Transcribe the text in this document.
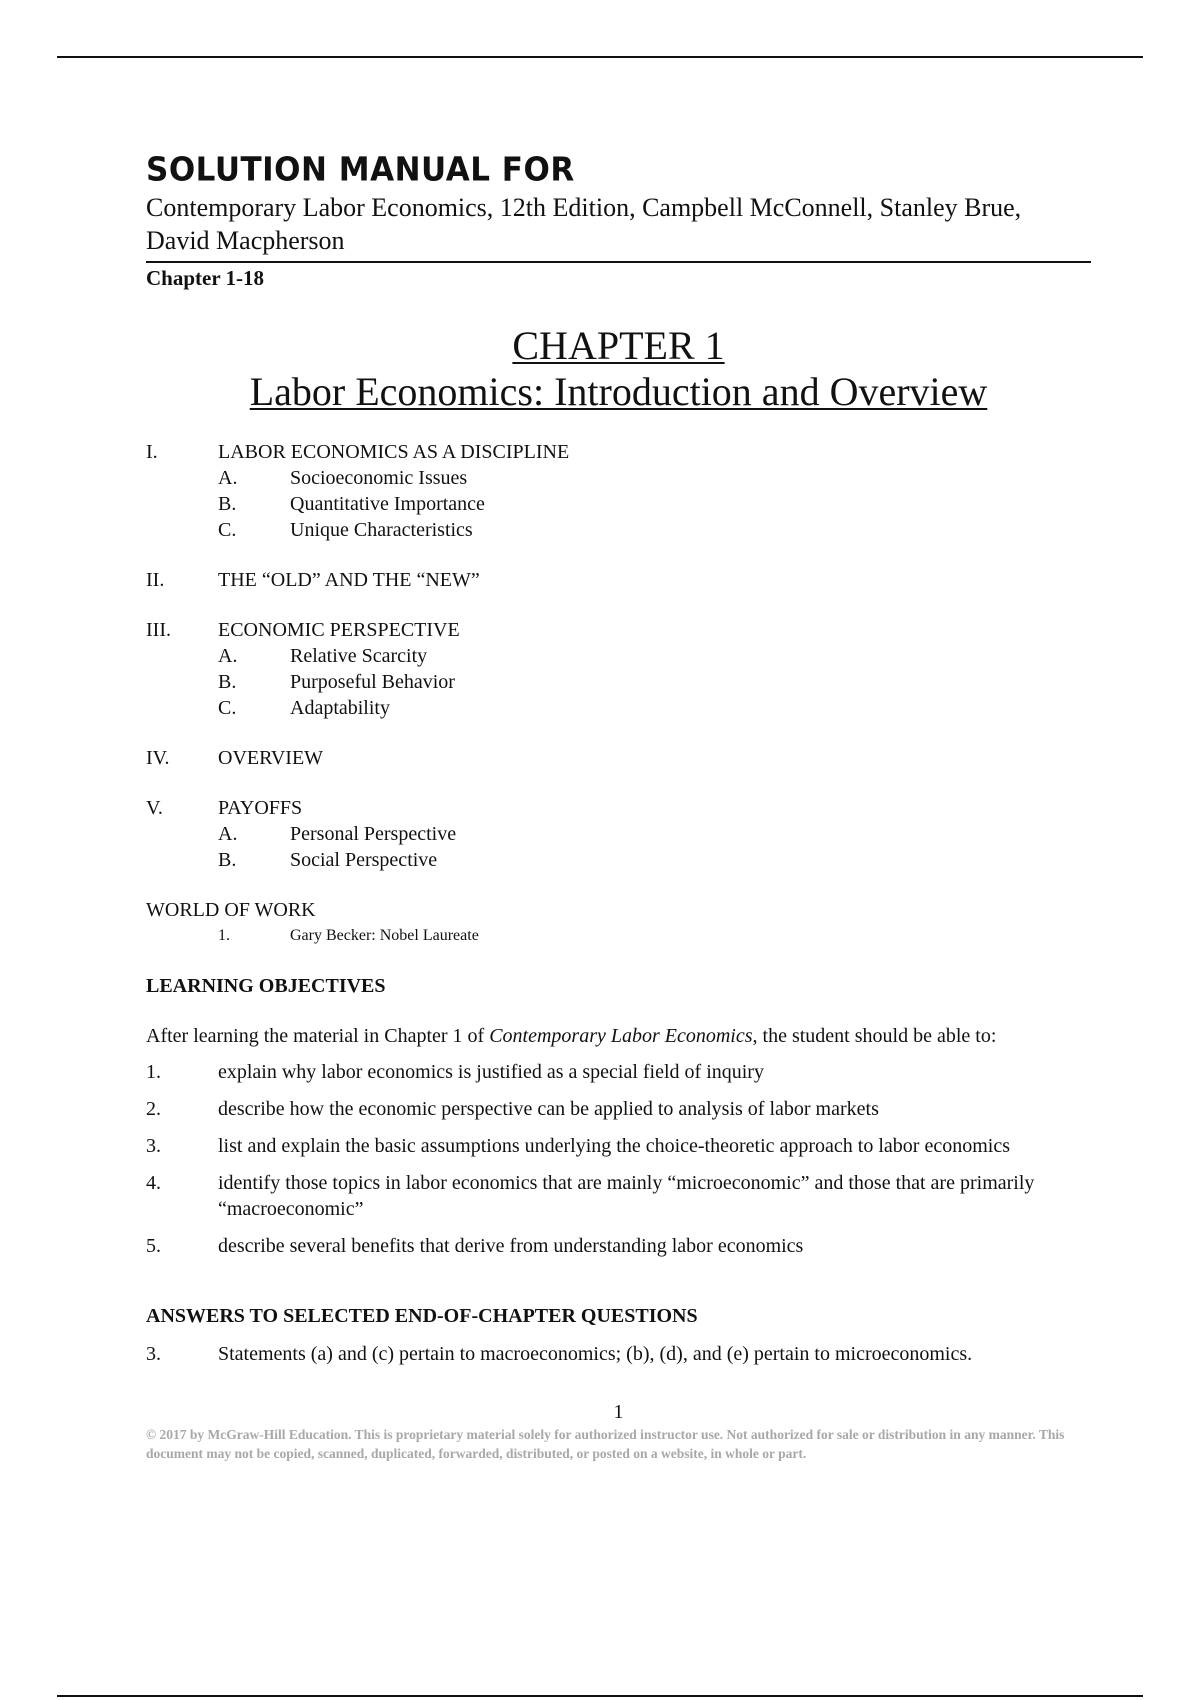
SOLUTION MANUAL FOR
Contemporary Labor Economics, 12th Edition, Campbell McConnell, Stanley Brue, David Macpherson
Chapter 1-18
CHAPTER 1
Labor Economics: Introduction and Overview
I.	LABOR ECONOMICS AS A DISCIPLINE
A.	Socioeconomic Issues
B.	Quantitative Importance
C.	Unique Characteristics
II.	THE “OLD” AND THE “NEW”
III.	ECONOMIC PERSPECTIVE
A.	Relative Scarcity
B.	Purposeful Behavior
C.	Adaptability
IV.	OVERVIEW
V.	PAYOFFS
A.	Personal Perspective
B.	Social Perspective
WORLD OF WORK
1.	Gary Becker: Nobel Laureate
LEARNING OBJECTIVES
After learning the material in Chapter 1 of Contemporary Labor Economics, the student should be able to:
1.	explain why labor economics is justified as a special field of inquiry
2.	describe how the economic perspective can be applied to analysis of labor markets
3.	list and explain the basic assumptions underlying the choice-theoretic approach to labor economics
4.	identify those topics in labor economics that are mainly “microeconomic” and those that are primarily “macroeconomic”
5.	describe several benefits that derive from understanding labor economics
ANSWERS TO SELECTED END-OF-CHAPTER QUESTIONS
3.	Statements (a) and (c) pertain to macroeconomics; (b), (d), and (e) pertain to microeconomics.
1
© 2017 by McGraw-Hill Education. This is proprietary material solely for authorized instructor use. Not authorized for sale or distribution in any manner. This document may not be copied, scanned, duplicated, forwarded, distributed, or posted on a website, in whole or part.
